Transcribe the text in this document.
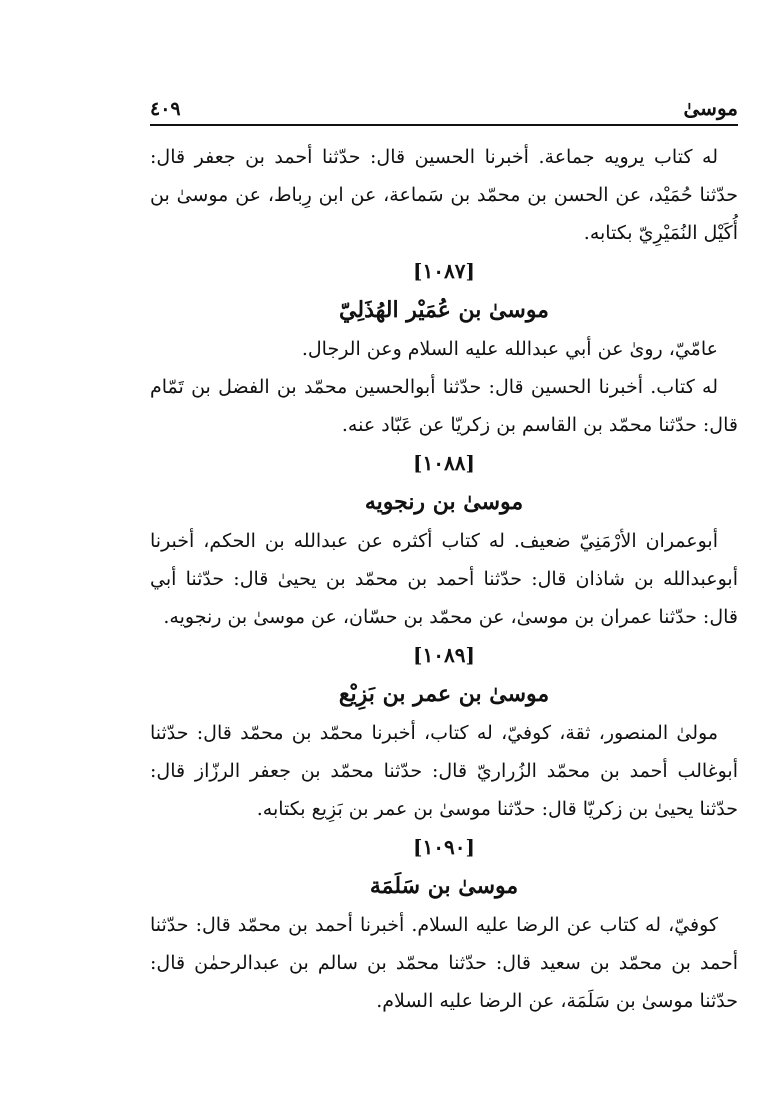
٤٠٩	موسىٰ

له كتاب يرويه جماعة. أخبرنا الحسين قال: حدّثنا أحمد بن جعفر قال: حدّثنا حُمَيْد، عن الحسن بن محمّد بن سَماعة، عن ابن رِباط، عن موسىٰ بن أُكَيْل النُمَيْرِيّ بكتابه.

[١٠٨٧]

موسىٰ بن عُمَيْر الهُذَلِيّ

عامّيّ، روىٰ عن أبي عبدالله عليه السلام وعن الرجال.

له كتاب. أخبرنا الحسين قال: حدّثنا أبوالحسين محمّد بن الفضل بن تَمّام قال: حدّثنا محمّد بن القاسم بن زكريّا عن عَبّاد عنه.

[١٠٨٨]

موسىٰ بن رنجويه

أبوعمران الأرْمَنِيّ ضعيف. له كتاب أكثره عن عبدالله بن الحكم، أخبرنا أبوعبدالله بن شاذان قال: حدّثنا أحمد بن محمّد بن يحيىٰ قال: حدّثنا أبي قال: حدّثنا عمران بن موسىٰ، عن محمّد بن حسّان، عن موسىٰ بن رنجويه.

[١٠٨٩]

موسىٰ بن عمر بن بَزِيْع

مولىٰ المنصور، ثقة، كوفيّ، له كتاب، أخبرنا محمّد بن محمّد قال: حدّثنا أبوغالب أحمد بن محمّد الزُراريّ قال: حدّثنا محمّد بن جعفر الرزّاز قال: حدّثنا يحيىٰ بن زكريّا قال: حدّثنا موسىٰ بن عمر بن بَزِيع بكتابه.

[١٠٩٠]

موسىٰ بن سَلَمَة

كوفيّ، له كتاب عن الرضا عليه السلام. أخبرنا أحمد بن محمّد قال: حدّثنا أحمد بن محمّد بن سعيد قال: حدّثنا محمّد بن سالم بن عبدالرحمٰن قال: حدّثنا موسىٰ بن سَلَمَة، عن الرضا عليه السلام.
